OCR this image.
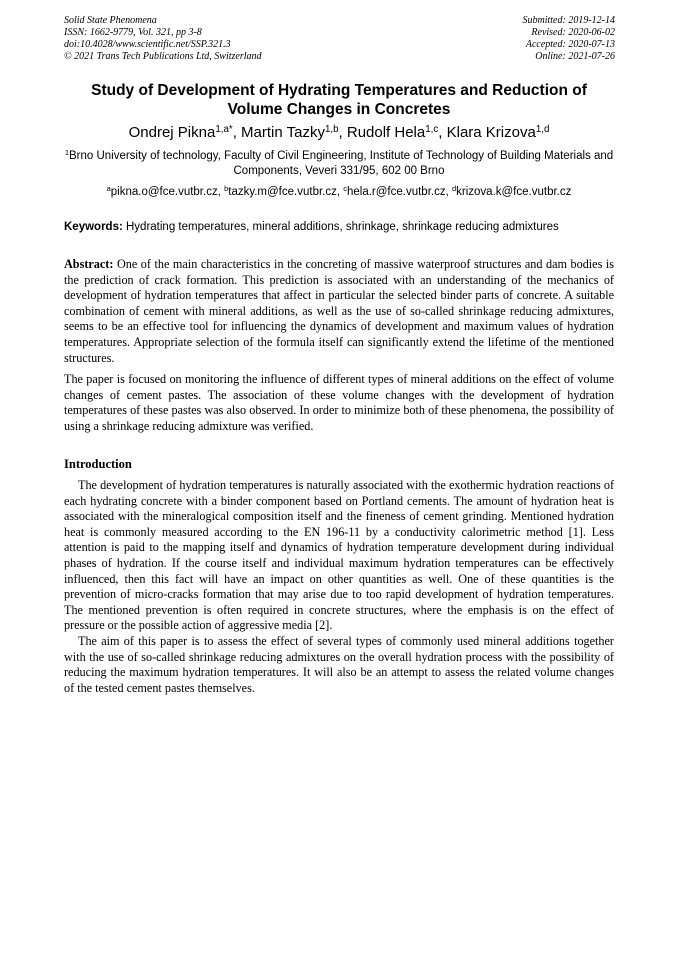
Solid State Phenomena
ISSN: 1662-9779, Vol. 321, pp 3-8
doi:10.4028/www.scientific.net/SSP.321.3
© 2021 Trans Tech Publications Ltd, Switzerland
Submitted: 2019-12-14
Revised: 2020-06-02
Accepted: 2020-07-13
Online: 2021-07-26
Study of Development of Hydrating Temperatures and Reduction of Volume Changes in Concretes
Ondrej Pikna$^{1,a*}$, Martin Tazky$^{1,b}$, Rudolf Hela$^{1,c}$, Klara Krizova$^{1,d}$
$^1$Brno University of technology, Faculty of Civil Engineering, Institute of Technology of Building Materials and Components, Veveri 331/95, 602 00 Brno
$^a$pikna.o@fce.vutbr.cz, $^b$tazky.m@fce.vutbr.cz, $^c$hela.r@fce.vutbr.cz, $^d$krizova.k@fce.vutbr.cz
Keywords: Hydrating temperatures, mineral additions, shrinkage, shrinkage reducing admixtures

Abstract: One of the main characteristics in the concreting of massive waterproof structures and dam bodies is the prediction of crack formation. This prediction is associated with an understanding of the mechanics of development of hydration temperatures that affect in particular the selected binder parts of concrete. A suitable combination of cement with mineral additions, as well as the use of so-called shrinkage reducing admixtures, seems to be an effective tool for influencing the dynamics of development and maximum values of hydration temperatures. Appropriate selection of the formula itself can significantly extend the lifetime of the mentioned structures.

The paper is focused on monitoring the influence of different types of mineral additions on the effect of volume changes of cement pastes. The association of these volume changes with the development of hydration temperatures of these pastes was also observed. In order to minimize both of these phenomena, the possibility of using a shrinkage reducing admixture was verified.

Introduction

The development of hydration temperatures is naturally associated with the exothermic hydration reactions of each hydrating concrete with a binder component based on Portland cements. The amount of hydration heat is associated with the mineralogical composition itself and the fineness of cement grinding. Mentioned hydration heat is commonly measured according to the EN 196-11 by a conductivity calorimetric method [1]. Less attention is paid to the mapping itself and dynamics of hydration temperature development during individual phases of hydration. If the course itself and individual maximum hydration temperatures can be effectively influenced, then this fact will have an impact on other quantities as well. One of these quantities is the prevention of micro-cracks formation that may arise due to too rapid development of hydration temperatures. The mentioned prevention is often required in concrete structures, where the emphasis is on the effect of pressure or the possible action of aggressive media [2].

The aim of this paper is to assess the effect of several types of commonly used mineral additions together with the use of so-called shrinkage reducing admixtures on the overall hydration process with the possibility of reducing the maximum hydration temperatures. It will also be an attempt to assess the related volume changes of the tested cement pastes themselves.
